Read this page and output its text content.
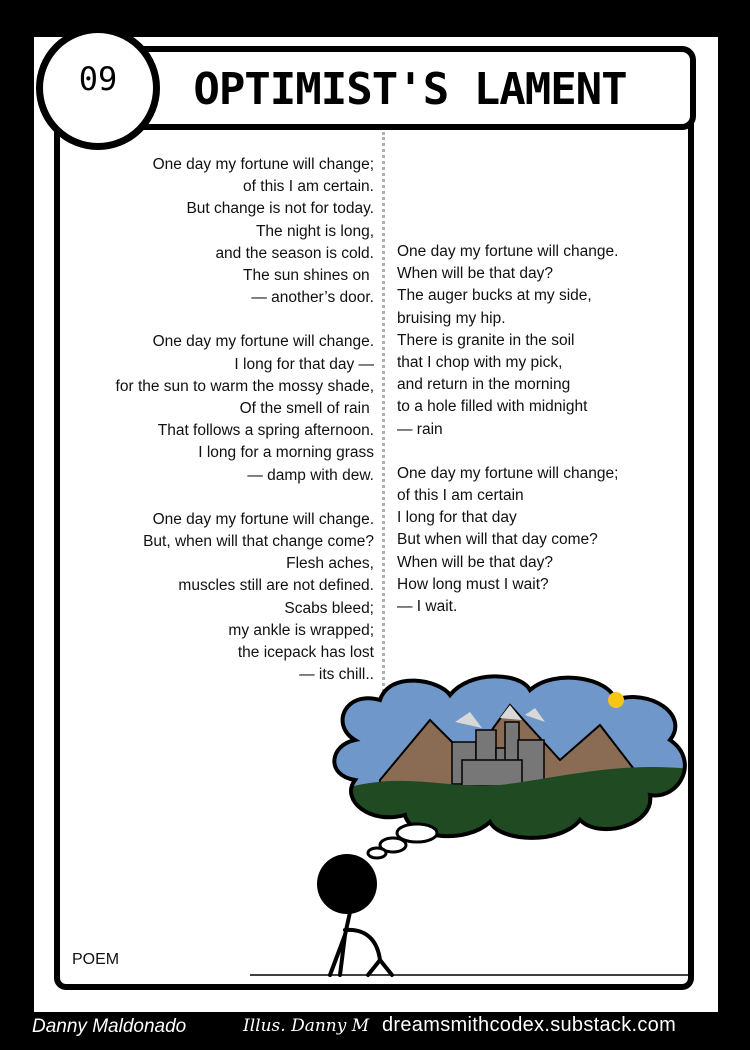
OPTIMIST'S LAMENT
09
One day my fortune will change;
of this I am certain.
But change is not for today.
The night is long,
and the season is cold.
The sun shines on
— another’s door.
One day my fortune will change.
I long for that day —
for the sun to warm the mossy shade,
Of the smell of rain
That follows a spring afternoon.
I long for a morning grass
— damp with dew.
One day my fortune will change.
But, when will that change come?
Flesh aches,
muscles still are not defined.
Scabs bleed;
my ankle is wrapped;
the icepack has lost
— its chill..
One day my fortune will change.
When will be that day?
The auger bucks at my side,
bruising my hip.
There is granite in the soil
that I chop with my pick,
and return in the morning
to a hole filled with midnight
— rain
One day my fortune will change;
of this I am certain
I long for that day
But when will that day come?
When will be that day?
How long must I wait?
— I wait.
POEM
Danny Maldonado	Illus. Danny M dreamsmithcodex.substack.com
